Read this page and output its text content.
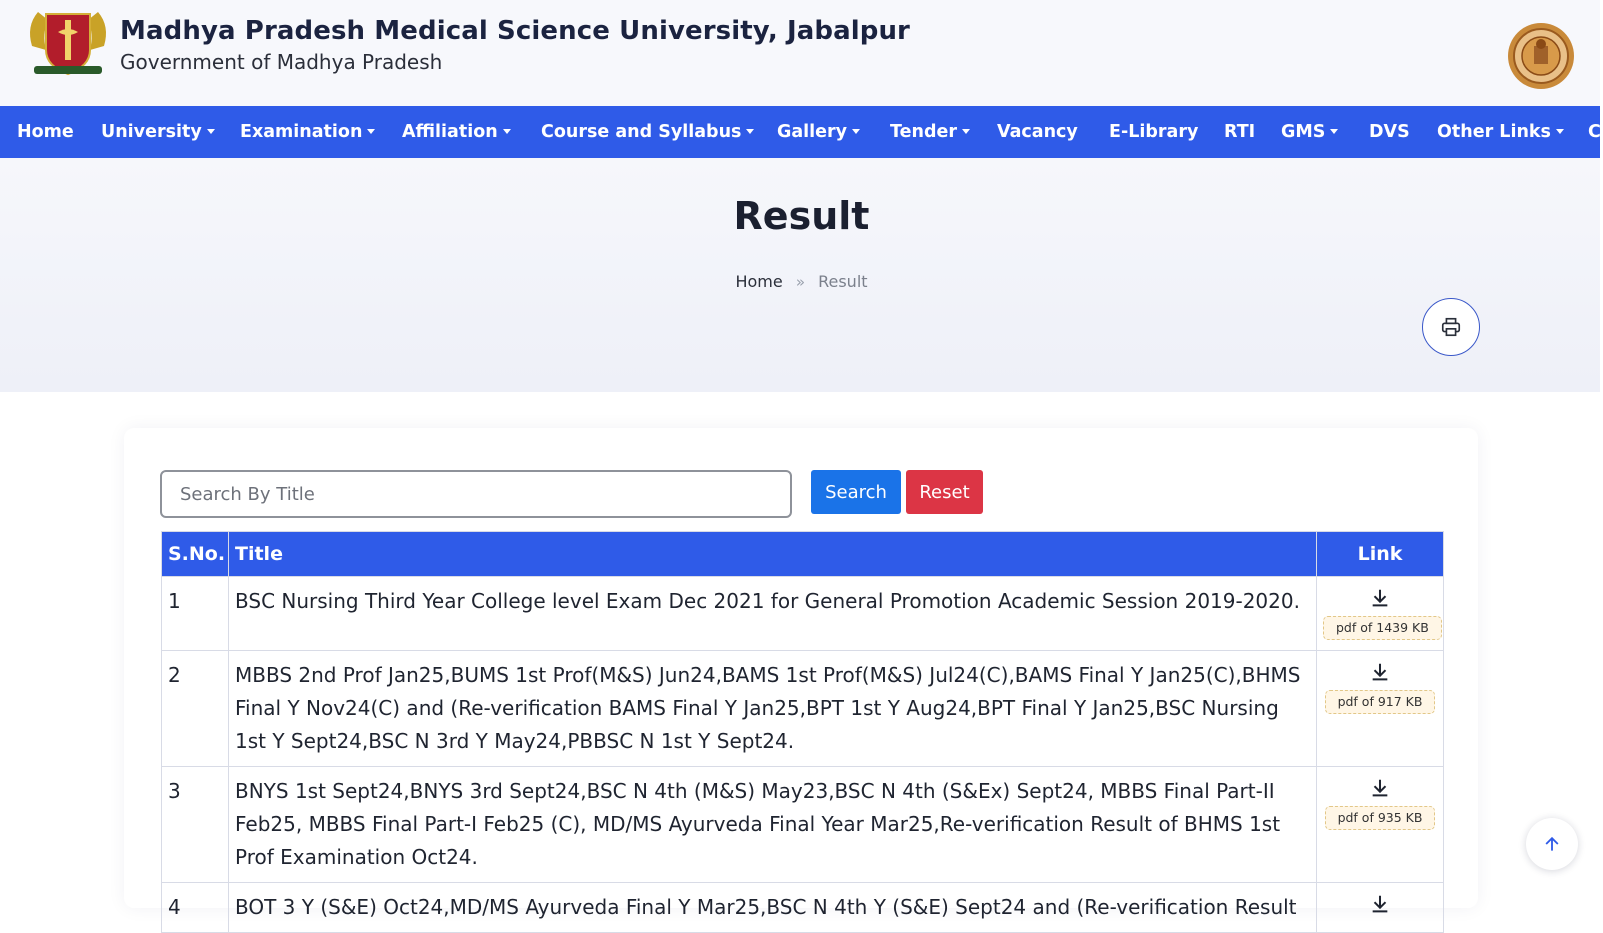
Madhya Pradesh Medical Science University, Jabalpur
Government of Madhya Pradesh
Home University	Examination	Affiliation	Course and Syllabus	Gallery	Tender	Vacancy E-Library RTI GMS	DVS Other Links	C
Result
Home » Result
Search By Title
Search	Reset
S.No.	Title	Link
1	BSC Nursing Third Year College level Exam Dec 2021 for General Promotion Academic Session 2019-2020.	pdf of 1439 KB
2	MBBS 2nd Prof Jan25,BUMS 1st Prof(M&S) Jun24,BAMS 1st Prof(M&S) Jul24(C),BAMS Final Y Jan25(C),BHMS Final Y Nov24(C) and (Re-verification BAMS Final Y Jan25,BPT 1st Y Aug24,BPT Final Y Jan25,BSC Nursing 1st Y Sept24,BSC N 3rd Y May24,PBBSC N 1st Y Sept24.	pdf of 917 KB
3	BNYS 1st Sept24,BNYS 3rd Sept24,BSC N 4th (M&S) May23,BSC N 4th (S&Ex) Sept24, MBBS Final Part-II Feb25, MBBS Final Part-I Feb25 (C), MD/MS Ayurveda Final Year Mar25,Re-verification Result of BHMS 1st Prof Examination Oct24.	pdf of 935 KB
4	BOT 3 Y (S&E) Oct24,MD/MS Ayurveda Final Y Mar25,BSC N 4th Y (S&E) Sept24 and (Re-verification Result	
